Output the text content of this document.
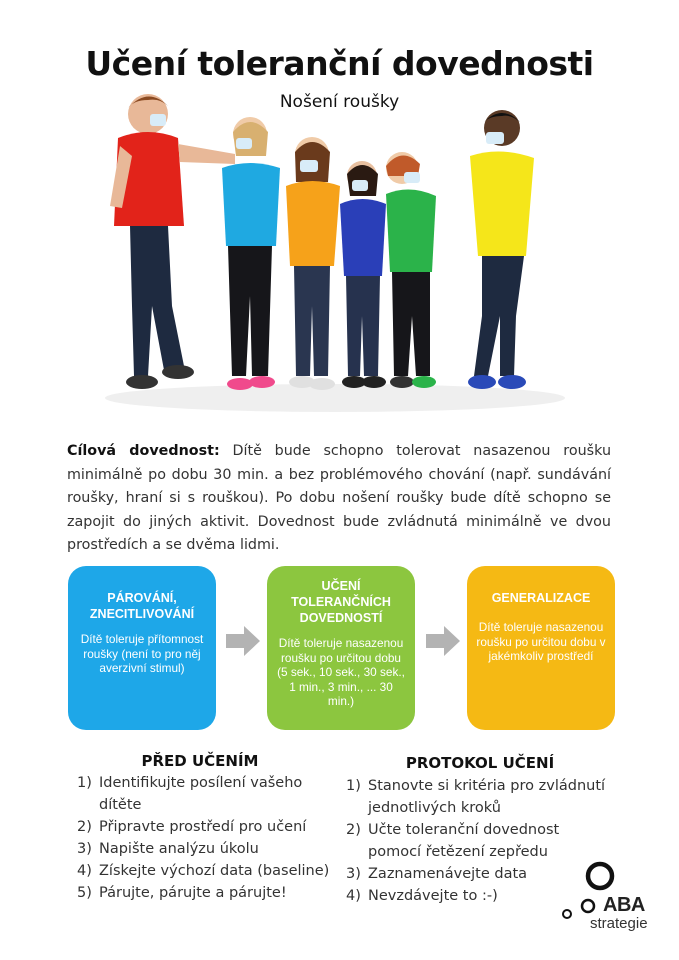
Učení toleranční dovednosti
Nošení roušky
Cílová dovednost: Dítě bude schopno tolerovat nasazenou roušku minimálně po dobu 30 min. a bez problémového chování (např. sundávání roušky, hraní si s rouškou). Po dobu nošení roušky bude dítě schopno se zapojit do jiných aktivit. Dovednost bude zvládnutá minimálně ve dvou prostředích a se dvěma lidmi.
PÁROVÁNÍ, ZNECITLIVOVÁNÍ
Dítě toleruje přítomnost roušky (není to pro něj averzivní stimul)
UČENÍ TOLERANČNÍCH DOVEDNOSTÍ
Dítě toleruje nasazenou roušku po určitou dobu (5 sek., 10 sek., 30 sek., 1 min., 3 min., ... 30 min.)
GENERALIZACE
Dítě toleruje nasazenou roušku po určitou dobu v jakémkoliv prostředí
PŘED UČENÍM
1) Identifikujte posílení vašeho dítěte
2) Připravte prostředí pro učení
3) Napište analýzu úkolu
4) Získejte výchozí data (baseline)
5) Párujte, párujte a párujte!
PROTOKOL UČENÍ
1) Stanovte si kritéria pro zvládnutí jednotlivých kroků
2) Učte toleranční dovednost pomocí řetězení zepředu
3) Zaznamenávejte data
4) Nevzdávejte to :-)	ABA
strategie
